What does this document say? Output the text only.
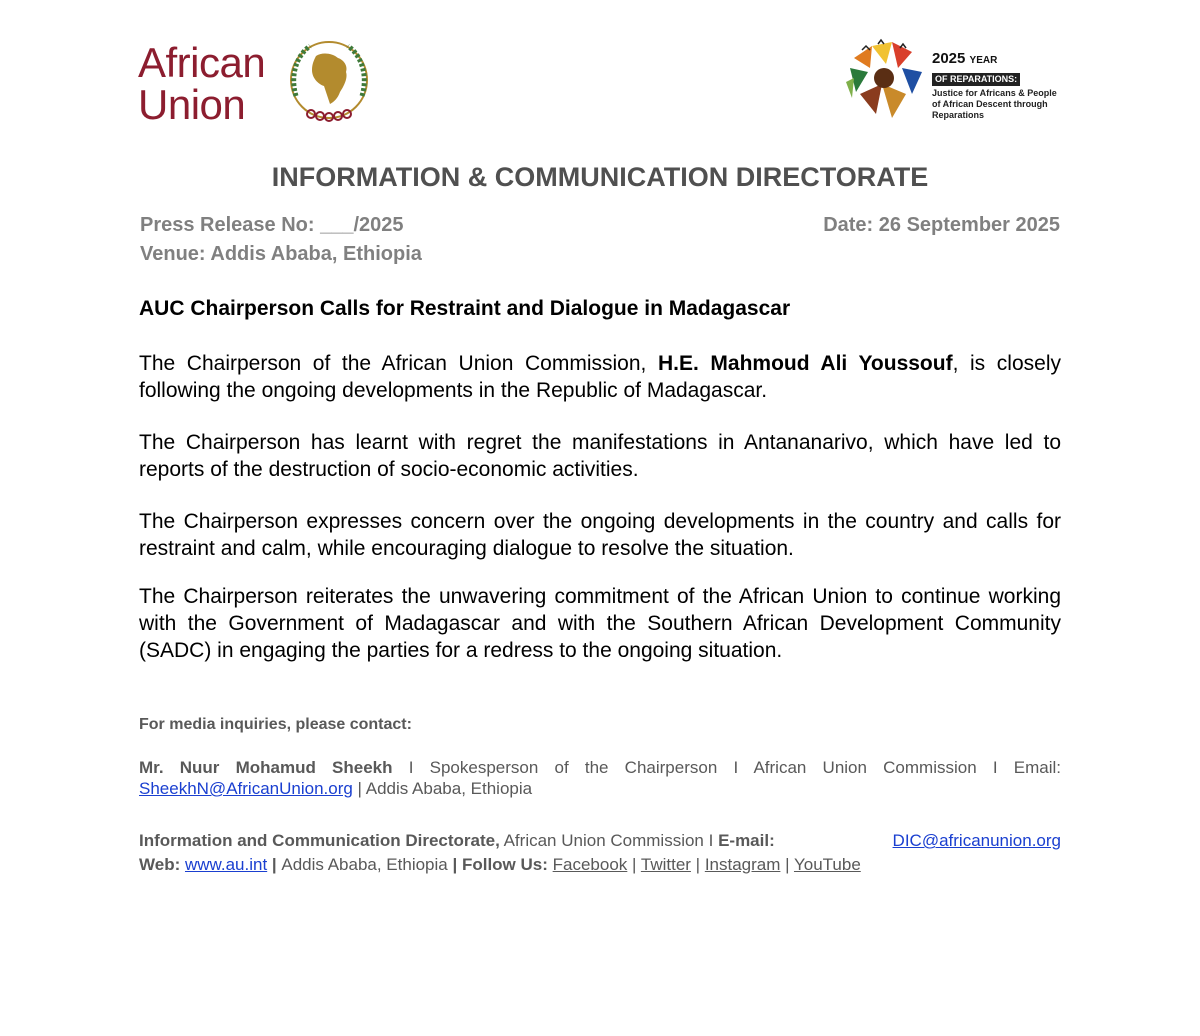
African
Union
2025 YEAR
OF REPARATIONS:
Justice for Africans & People of African Descent through Reparations
INFORMATION & COMMUNICATION DIRECTORATE
Press Release No: ___/2025
Venue: Addis Ababa, Ethiopia
Date: 26 September 2025
AUC Chairperson Calls for Restraint and Dialogue in Madagascar
The Chairperson of the African Union Commission, H.E. Mahmoud Ali Youssouf, is closely following the ongoing developments in the Republic of Madagascar.
The Chairperson has learnt with regret the manifestations in Antananarivo, which have led to reports of the destruction of socio-economic activities.
The Chairperson expresses concern over the ongoing developments in the country and calls for restraint and calm, while encouraging dialogue to resolve the situation.
The Chairperson reiterates the unwavering commitment of the African Union to continue working with the Government of Madagascar and with the Southern African Development Community (SADC) in engaging the parties for a redress to the ongoing situation.
For media inquiries, please contact:
Mr. Nuur Mohamud Sheekh I Spokesperson of the Chairperson I African Union Commission I Email: SheekhN@AfricanUnion.org | Addis Ababa, Ethiopia
Information and Communication Directorate, African Union Commission I E-mail:	DIC@africanunion.org
Web: www.au.int | Addis Ababa, Ethiopia | Follow Us: Facebook | Twitter | Instagram | YouTube
